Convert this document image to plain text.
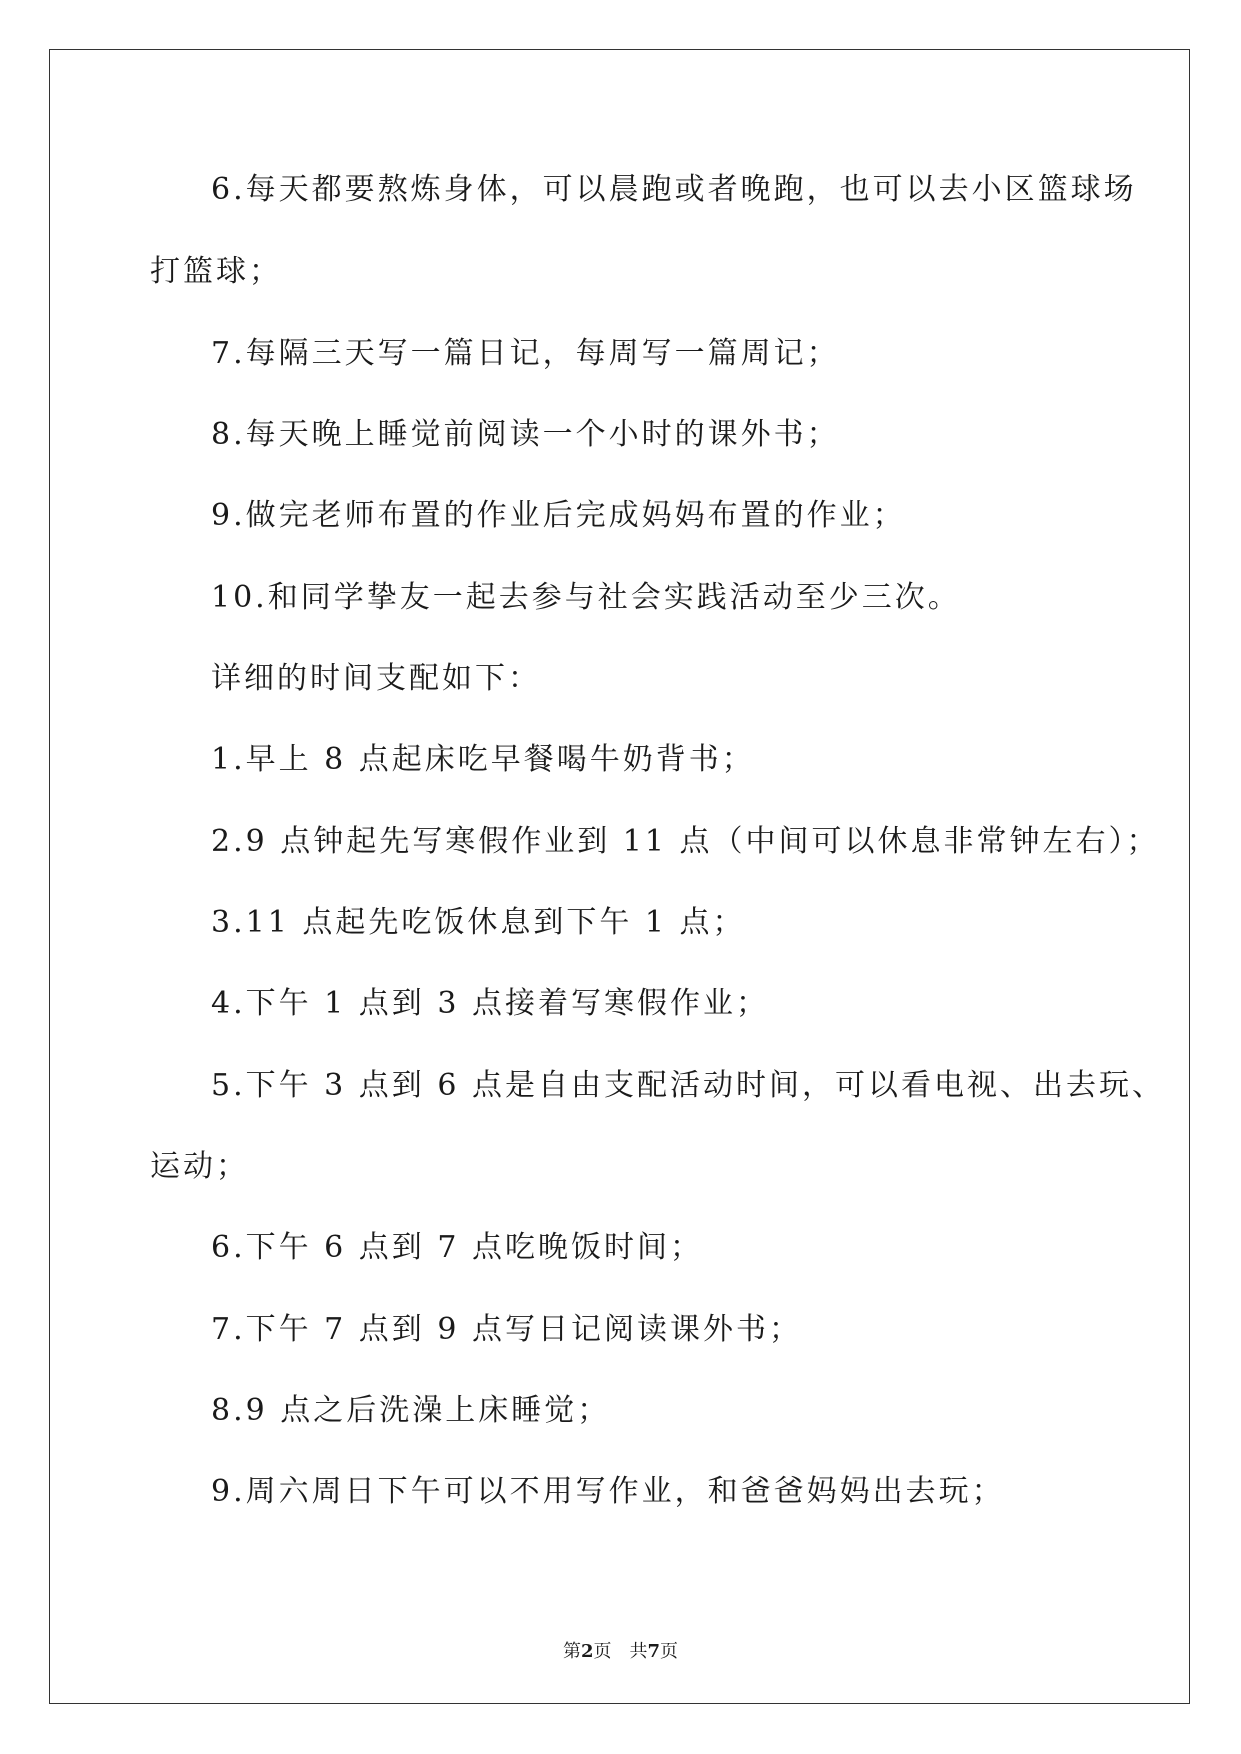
6.每天都要熬炼身体，可以晨跑或者晚跑，也可以去小区篮球场
打篮球；
7.每隔三天写一篇日记，每周写一篇周记；
8.每天晚上睡觉前阅读一个小时的课外书；
9.做完老师布置的作业后完成妈妈布置的作业；
10.和同学挚友一起去参与社会实践活动至少三次。
详细的时间支配如下：
1.早上 8 点起床吃早餐喝牛奶背书；
2.9 点钟起先写寒假作业到 11 点（中间可以休息非常钟左右）；
3.11 点起先吃饭休息到下午 1 点；
4.下午 1 点到 3 点接着写寒假作业；
5.下午 3 点到 6 点是自由支配活动时间，可以看电视、出去玩、
运动；
6.下午 6 点到 7 点吃晚饭时间；
7.下午 7 点到 9 点写日记阅读课外书；
8.9 点之后洗澡上床睡觉；
9.周六周日下午可以不用写作业，和爸爸妈妈出去玩；
第2页　共7页
